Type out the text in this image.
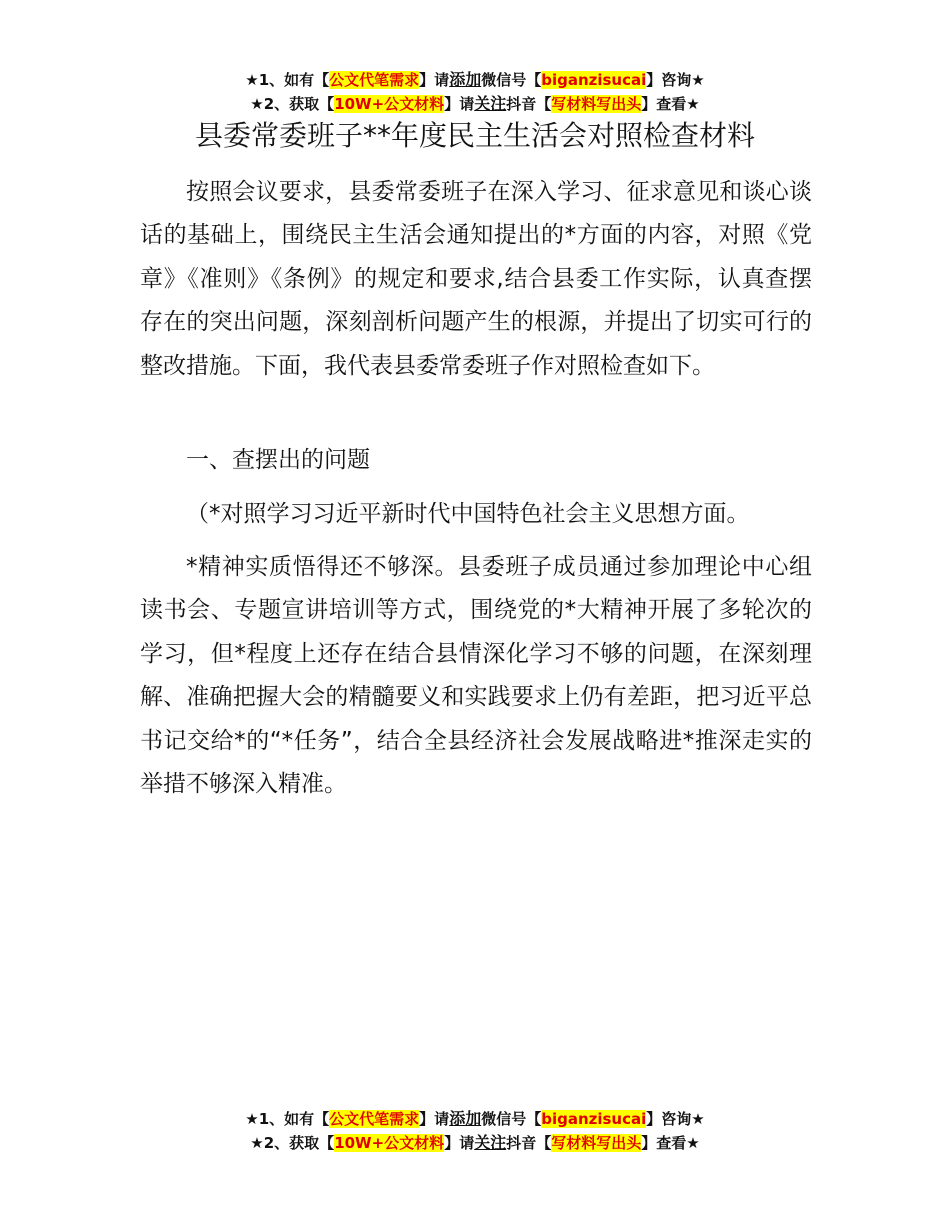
★1、如有【公文代笔需求】请添加微信号【biganzisucai】咨询★
★2、获取【10W+公文材料】请关注抖音【写材料写出头】查看★
县委常委班子**年度民主生活会对照检查材料

按照会议要求，县委常委班子在深入学习、征求意见和谈心谈话的基础上，围绕民主生活会通知提出的*方面的内容，对照《党章》《准则》《条例》的规定和要求,结合县委工作实际，认真查摆存在的突出问题，深刻剖析问题产生的根源，并提出了切实可行的整改措施。下面，我代表县委常委班子作对照检查如下。

一、查摆出的问题

（*对照学习习近平新时代中国特色社会主义思想方面。

*精神实质悟得还不够深。县委班子成员通过参加理论中心组读书会、专题宣讲培训等方式，围绕党的*大精神开展了多轮次的学习，但*程度上还存在结合县情深化学习不够的问题，在深刻理解、准确把握大会的精髓要义和实践要求上仍有差距，把习近平总书记交给*的“*任务”，结合全县经济社会发展战略进*推深走实的举措不够深入精准。

★1、如有【公文代笔需求】请添加微信号【biganzisucai】咨询★
★2、获取【10W+公文材料】请关注抖音【写材料写出头】查看★
